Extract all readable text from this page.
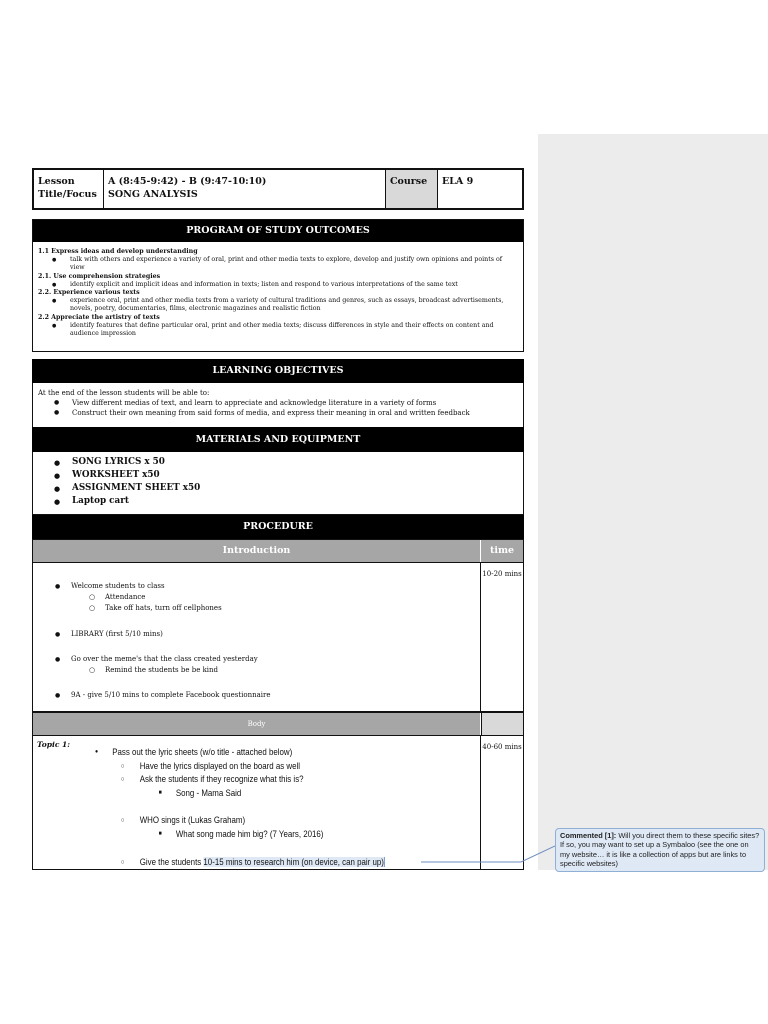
Lesson Title/Focus
A (8:45-9:42) - B (9:47-10:10)
SONG ANALYSIS
Course	ELA 9
PROGRAM OF STUDY OUTCOMES
1.1 Express ideas and develop understanding
● talk with others and experience a variety of oral, print and other media texts to explore, develop and justify own opinions and points of view
2.1. Use comprehension strategies
● identify explicit and implicit ideas and information in texts; listen and respond to various interpretations of the same text
2.2. Experience various texts
● experience oral, print and other media texts from a variety of cultural traditions and genres, such as essays, broadcast advertisements, novels, poetry, documentaries, films, electronic magazines and realistic fiction
2.2 Appreciate the artistry of texts
● identify features that define particular oral, print and other media texts; discuss differences in style and their effects on content and audience impression
LEARNING OBJECTIVES
At the end of the lesson students will be able to:
● View different medias of text, and learn to appreciate and acknowledge literature in a variety of forms
● Construct their own meaning from said forms of media, and express their meaning in oral and written feedback
MATERIALS AND EQUIPMENT
● SONG LYRICS x 50
● WORKSHEET x50
● ASSIGNMENT SHEET x50
● Laptop cart
PROCEDURE
Introduction	time
● Welcome students to class
○ Attendance
○ Take off hats, turn off cellphones
● LIBRARY (first 5/10 mins)
● Go over the meme's that the class created yesterday
○ Remind the students be be kind
● 9A - give 5/10 mins to complete Facebook questionnaire
10-20 mins
Body
Topic 1:
● Pass out the lyric sheets (w/o title - attached below)
○ Have the lyrics displayed on the board as well
○ Ask the students if they recognize what this is?
■ Song - Mama Said
○ WHO sings it (Lukas Graham)
■ What song made him big? (7 Years, 2016)
○ Give the students 10-15 mins to research him (on device, can pair up)
40-60 mins
Commented [1]: Will you direct them to these specific sites? If so, you may want to set up a Symbaloo (see the one on my website… it is like a collection of apps but are links to specific websites)
